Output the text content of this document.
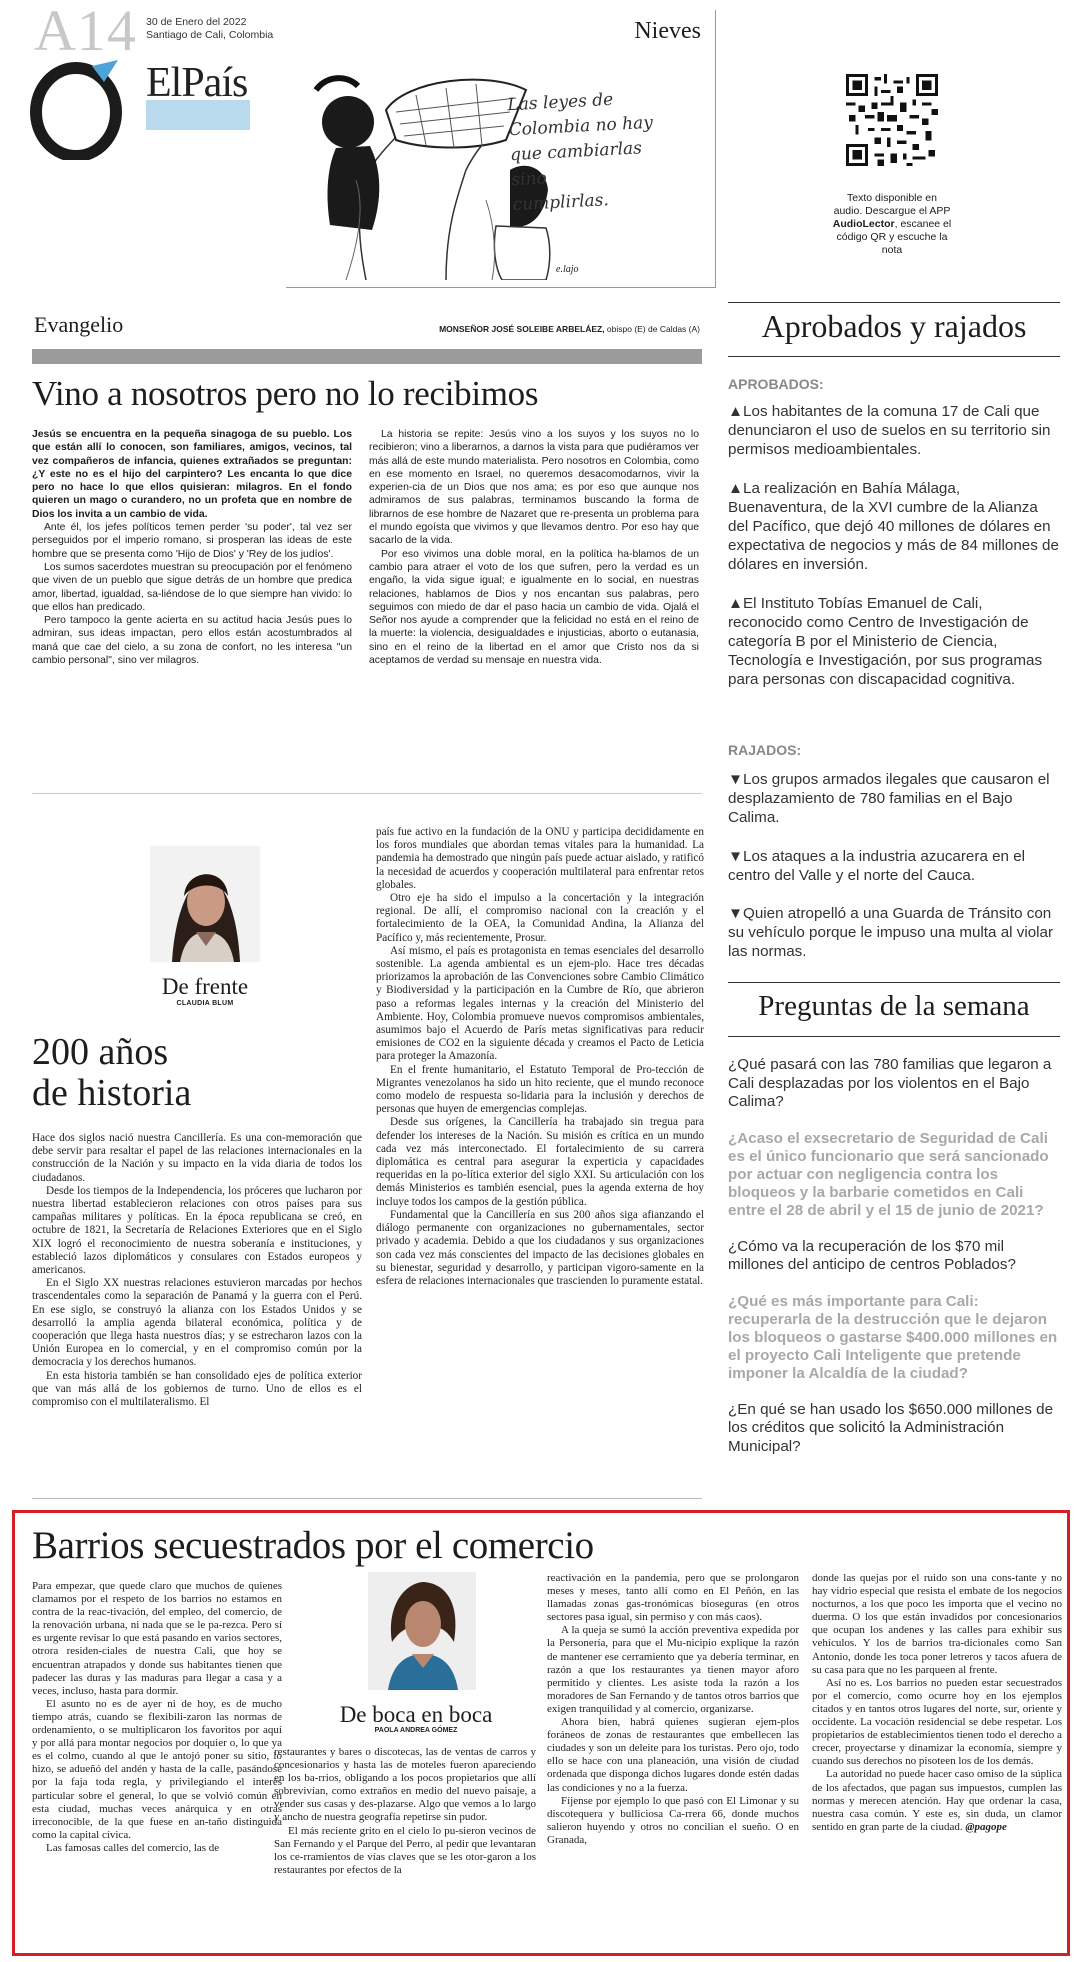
A14 30 de Enero del 2022 Santiago de Cali, Colombia
ElPaís
Nieves
Las leyes de
Colombia no hay
que cambiarlas
sino
cumplirlas.
e.lajo
Texto disponible en audio. Descargue el APP AudioLector, escanee el código QR y escuche la nota
Evangelio	MONSEÑOR JOSÉ SOLEIBE ARBELÁEZ, obispo (E) de Caldas (A)
Vino a nosotros pero no lo recibimos

Jesús se encuentra en la pequeña sinagoga de su pueblo. Los que están allí lo conocen, son familiares, amigos, vecinos, tal vez compañeros de infancia, quienes extrañados se preguntan: ¿Y este no es el hijo del carpintero? Les encanta lo que dice pero no hace lo que ellos quisieran: milagros. En el fondo quieren un mago o curandero, no un profeta que en nombre de Dios los invita a un cambio de vida.

Ante él, los jefes políticos temen perder 'su poder', tal vez ser perseguidos por el imperio romano, si prosperan las ideas de este hombre que se presenta como 'Hijo de Dios' y 'Rey de los judíos'.

Los sumos sacerdotes muestran su preocupación por el fenómeno que viven de un pueblo que sigue detrás de un hombre que predica amor, libertad, igualdad, sa-liéndose de lo que siempre han vivido: lo que ellos han predicado.

Pero tampoco la gente acierta en su actitud hacia Jesús pues lo admiran, sus ideas impactan, pero ellos están acostumbrados al maná que cae del cielo, a su zona de confort, no les interesa "un cambio personal", sino ver milagros.

La historia se repite: Jesús vino a los suyos y los suyos no lo recibieron; vino a liberarnos, a darnos la vista para que pudiéramos ver más allá de este mundo materialista. Pero nosotros en Colombia, como en ese momento en Israel, no queremos desacomodarnos, vivir la experien-cia de un Dios que nos ama; es por eso que aunque nos admiramos de sus palabras, terminamos buscando la forma de librarnos de ese hombre de Nazaret que re-presenta un problema para el mundo egoísta que vivimos y que llevamos dentro. Por eso hay que sacarlo de la vida.

Por eso vivimos una doble moral, en la política ha-blamos de un cambio para atraer el voto de los que sufren, pero la verdad es un engaño, la vida sigue igual; e igualmente en lo social, en nuestras relaciones, hablamos de Dios y nos encantan sus palabras, pero seguimos con miedo de dar el paso hacia un cambio de vida. Ojalá el Señor nos ayude a comprender que la felicidad no está en el reino de la muerte: la violencia, desigualdades e injusticias, aborto o eutanasia, sino en el reino de la libertad en el amor que Cristo nos da si aceptamos de verdad su mensaje en nuestra vida.

De frente
CLAUDIA BLUM
200 años
de historia

Hace dos siglos nació nuestra Cancillería. Es una con-memoración que debe servir para resaltar el papel de las relaciones internacionales en la construcción de la Nación y su impacto en la vida diaria de todos los ciudadanos.

Desde los tiempos de la Independencia, los próceres que lucharon por nuestra libertad establecieron relaciones con otros países para sus campañas militares y políticas. En la época republicana se creó, en octubre de 1821, la Secretaría de Relaciones Exteriores que en el Siglo XIX logró el reconocimiento de nuestra soberanía e instituciones, y estableció lazos diplomáticos y consulares con Estados europeos y americanos.

En el Siglo XX nuestras relaciones estuvieron marcadas por hechos trascendentales como la separación de Panamá y la guerra con el Perú. En ese siglo, se construyó la alianza con los Estados Unidos y se desarrolló la amplia agenda bilateral económica, política y de cooperación que llega hasta nuestros días; y se estrecharon lazos con la Unión Europea en lo comercial, y en el compromiso común por la democracia y los derechos humanos.

En esta historia también se han consolidado ejes de política exterior que van más allá de los gobiernos de turno. Uno de ellos es el compromiso con el multilateralismo. El

país fue activo en la fundación de la ONU y participa decididamente en los foros mundiales que abordan temas vitales para la humanidad. La pandemia ha demostrado que ningún país puede actuar aislado, y ratificó la necesidad de acuerdos y cooperación multilateral para enfrentar retos globales.

Otro eje ha sido el impulso a la concertación y la integración regional. De allí, el compromiso nacional con la creación y el fortalecimiento de la OEA, la Comunidad Andina, la Alianza del Pacífico y, más recientemente, Prosur.

Así mismo, el país es protagonista en temas esenciales del desarrollo sostenible. La agenda ambiental es un ejem-plo. Hace tres décadas priorizamos la aprobación de las Convenciones sobre Cambio Climático y Biodiversidad y la participación en la Cumbre de Río, que abrieron paso a reformas legales internas y la creación del Ministerio del Ambiente. Hoy, Colombia promueve nuevos compromisos ambientales, asumimos bajo el Acuerdo de París metas significativas para reducir emisiones de CO2 en la siguiente década y creamos el Pacto de Leticia para proteger la Amazonía.

En el frente humanitario, el Estatuto Temporal de Pro-tección de Migrantes venezolanos ha sido un hito reciente, que el mundo reconoce como modelo de respuesta so-lidaria para la inclusión y derechos de personas que huyen de emergencias complejas.

Desde sus orígenes, la Cancillería ha trabajado sin tregua para defender los intereses de la Nación. Su misión es crítica en un mundo cada vez más interconectado. El fortalecimiento de su carrera diplomática es central para asegurar la experticia y capacidades requeridas en la po-lítica exterior del siglo XXI. Su articulación con los demás Ministerios es también esencial, pues la agenda externa de hoy incluye todos los campos de la gestión pública.

Fundamental que la Cancillería en sus 200 años siga afianzando el diálogo permanente con organizaciones no gubernamentales, sector privado y academia. Debido a que los ciudadanos y sus organizaciones son cada vez más conscientes del impacto de las decisiones globales en su bienestar, seguridad y desarrollo, y participan vigoro-samente en la esfera de relaciones internacionales que trascienden lo puramente estatal.

Aprobados y rajados
APROBADOS:
▲Los habitantes de la comuna 17 de Cali que denunciaron el uso de suelos en su territorio sin permisos medioambientales.
▲La realización en Bahía Málaga, Buenaventura, de la XVI cumbre de la Alianza del Pacífico, que dejó 40 millones de dólares en expectativa de negocios y más de 84 millones de dólares en inversión.
▲El Instituto Tobías Emanuel de Cali, reconocido como Centro de Investigación de categoría B por el Ministerio de Ciencia, Tecnología e Investigación, por sus programas para personas con discapacidad cognitiva.
RAJADOS:
▼Los grupos armados ilegales que causaron el desplazamiento de 780 familias en el Bajo Calima.
▼Los ataques a la industria azucarera en el centro del Valle y el norte del Cauca.
▼Quien atropelló a una Guarda de Tránsito con su vehículo porque le impuso una multa al violar las normas.
Preguntas de la semana
¿Qué pasará con las 780 familias que legaron a Cali desplazadas por los violentos en el Bajo Calima?
¿Acaso el exsecretario de Seguridad de Cali es el único funcionario que será sancionado por actuar con negligencia contra los bloqueos y la barbarie cometidos en Cali entre el 28 de abril y el 15 de junio de 2021?
¿Cómo va la recuperación de los $70 mil millones del anticipo de centros Poblados?
¿Qué es más importante para Cali: recuperarla de la destrucción que le dejaron los bloqueos o gastarse $400.000 millones en el proyecto Cali Inteligente que pretende imponer la Alcaldía de la ciudad?
¿En qué se han usado los $650.000 millones de los créditos que solicitó la Administración Municipal?
Barrios secuestrados por el comercio
De boca en boca
PAOLA ANDREA GÓMEZ

Para empezar, que quede claro que muchos de quienes clamamos por el respeto de los barrios no estamos en contra de la reac-tivación, del empleo, del comercio, de la renovación urbana, ni nada que se le pa-rezca. Pero sí es urgente revisar lo que está pasando en varios sectores, otrora residen-ciales de nuestra Cali, que hoy se encuentran atrapados y donde sus habitantes tienen que padecer las duras y las maduras para llegar a casa y a veces, incluso, hasta para dormir.

El asunto no es de ayer ni de hoy, es de mucho tiempo atrás, cuando se flexibili-zaron las normas de ordenamiento, o se multiplicaron los favoritos por aquí y por allá para montar negocios por doquier o, lo que ya es el colmo, cuando al que le antojó poner su sitio, lo hizo, se adueñó del andén y hasta de la calle, pasándose por la faja toda regla, y privilegiando el interés particular sobre el general, lo que se volvió común en esta ciudad, muchas veces anárquica y en otras irreconocible, de la que fuese en an-taño distinguida como la capital cívica.

Las famosas calles del comercio, las de

restaurantes y bares o discotecas, las de ventas de carros y concesionarios y hasta las de moteles fueron apareciendo en los ba-rrios, obligando a los pocos propietarios que allí sobrevivían, como extraños en medio del nuevo paisaje, a vender sus casas y des-plazarse. Algo que vemos a lo largo y ancho de nuestra geografía repetirse sin pudor.

El más reciente grito en el cielo lo pu-sieron vecinos de San Fernando y el Parque del Perro, al pedir que levantaran los ce-rramientos de vías claves que se les otor-garon a los restaurantes por efectos de la

reactivación en la pandemia, pero que se prolongaron meses y meses, tanto allí como en El Peñón, en las llamadas zonas gas-tronómicas bioseguras (en otros sectores pasa igual, sin permiso y con más caos).

A la queja se sumó la acción preventiva expedida por la Personería, para que el Mu-nicipio explique la razón de mantener ese cerramiento que ya debería terminar, en razón a que los restaurantes ya tienen mayor aforo permitido y clientes. Les asiste toda la razón a los moradores de San Fernando y de tantos otros barrios que exigen tranquilidad y al comercio, organizarse.

Ahora bien, habrá quienes sugieran ejem-plos foráneos de zonas de restaurantes que embellecen las ciudades y son un deleite para los turistas. Pero ojo, todo ello se hace con una planeación, una visión de ciudad ordenada que disponga dichos lugares donde estén dadas las condiciones y no a la fuerza.

Fíjense por ejemplo lo que pasó con El Limonar y su discotequera y bulliciosa Ca-rrera 66, donde muchos salieron huyendo y otros no concilian el sueño. O en Granada,

donde las quejas por el ruido son una cons-tante y no hay vidrio especial que resista el embate de los negocios nocturnos, a los que poco les importa que el vecino no duerma. O los que están invadidos por concesionarios que ocupan los andenes y las calles para exhibir sus vehículos. Y los de barrios tra-dicionales como San Antonio, donde les toca poner letreros y tacos afuera de su casa para que no les parqueen al frente.

Así no es. Los barrios no pueden estar secuestrados por el comercio, como ocurre hoy en los ejemplos citados y en tantos otros lugares del norte, sur, oriente y occidente. La vocación residencial se debe respetar. Los propietarios de establecimientos tienen todo el derecho a crecer, proyectarse y dinamizar la economía, siempre y cuando sus derechos no pisoteen los de los demás.

La autoridad no puede hacer caso omiso de la súplica de los afectados, que pagan sus impuestos, cumplen las normas y merecen atención. Hay que ordenar la casa, nuestra casa común. Y este es, sin duda, un clamor sentido en gran parte de la ciudad. @pagope
